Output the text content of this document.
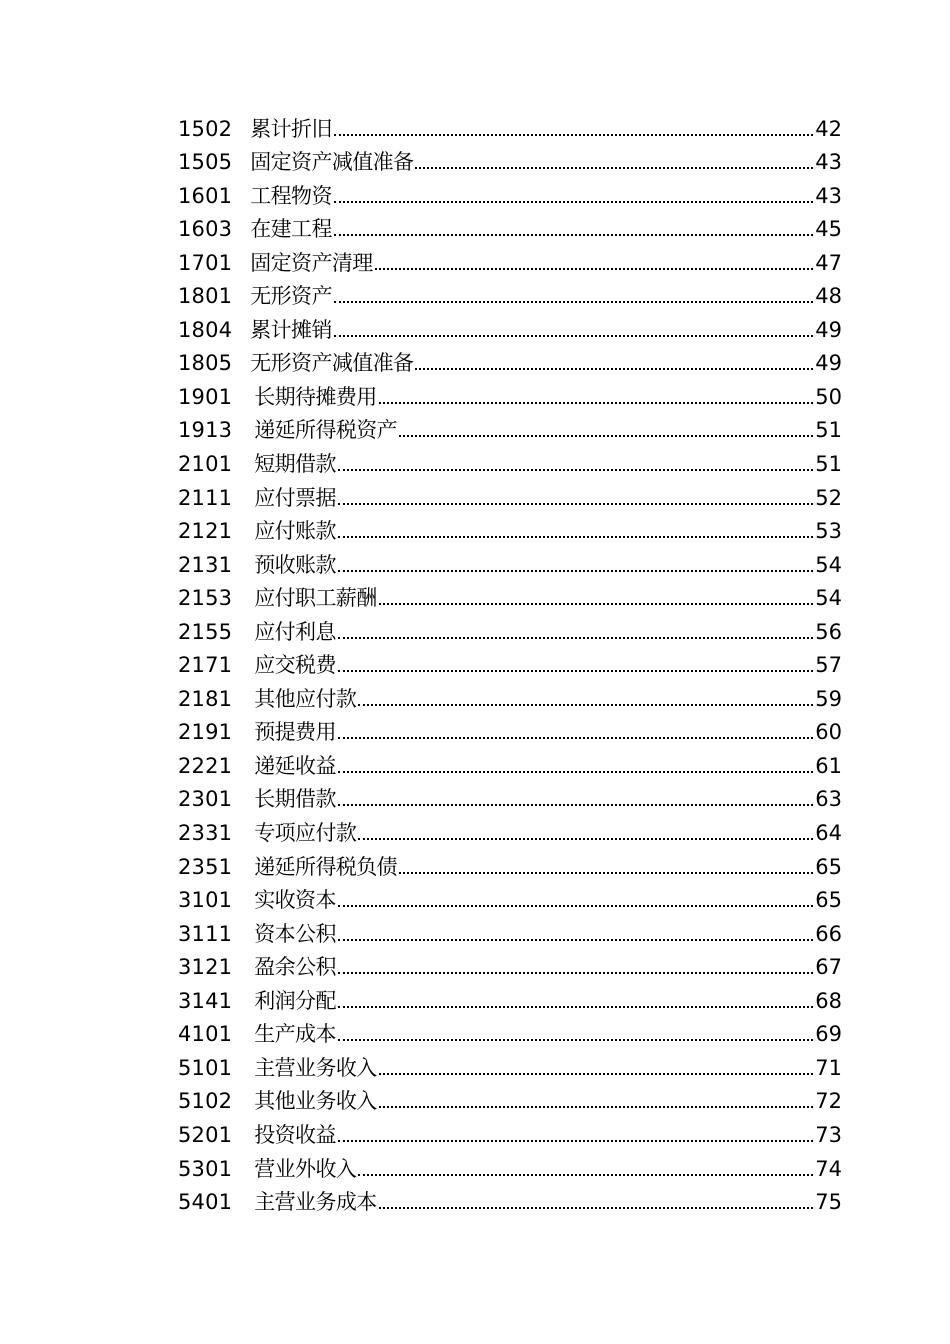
1502 累计折旧	42
1505 固定资产减值准备	43
1601 工程物资	43
1603 在建工程	45
1701 固定资产清理	47
1801 无形资产	48
1804 累计摊销	49
1805 无形资产减值准备	49
1901 长期待摊费用	50
1913 递延所得税资产	51
2101 短期借款	51
2111 应付票据	52
2121 应付账款	53
2131 预收账款	54
2153 应付职工薪酬	54
2155 应付利息	56
2171 应交税费	57
2181 其他应付款	59
2191 预提费用	60
2221 递延收益	61
2301 长期借款	63
2331 专项应付款	64
2351 递延所得税负债	65
3101 实收资本	65
3111 资本公积	66
3121 盈余公积	67
3141 利润分配	68
4101 生产成本	69
5101 主营业务收入	71
5102 其他业务收入	72
5201 投资收益	73
5301 营业外收入	74
5401 主营业务成本	75
